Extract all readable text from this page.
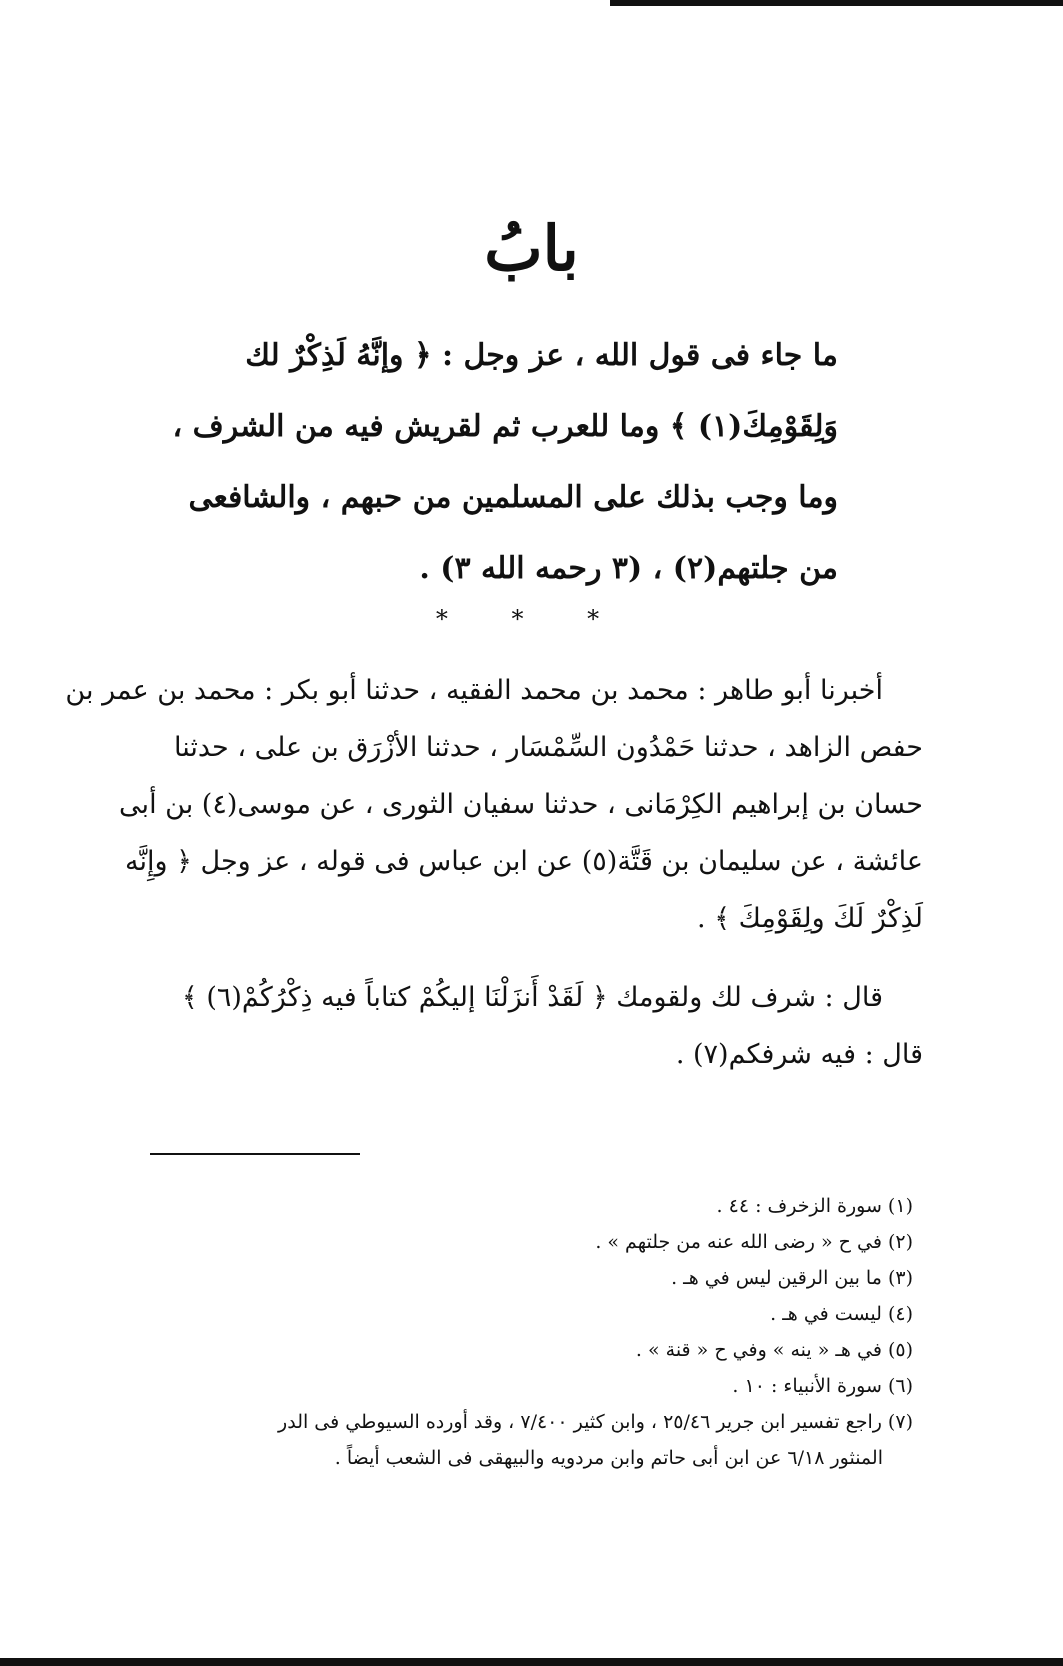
بابُ
ما جاء فى قول الله ، عز وجل : ﴿ وإنَّهُ لَذِكْرٌ لك
وَلِقَوْمِكَ(١) ﴾ وما للعرب ثم لقريش فيه من الشرف ،
وما وجب بذلك على المسلمين من حبهم ، والشافعى
من جلتهم(٢) ، (٣ رحمه الله ٣) .
* * *
أخبرنا أبو طاهر : محمد بن محمد الفقيه ، حدثنا أبو بكر : محمد بن عمر بن
حفص الزاهد ، حدثنا حَمْدُون السِّمْسَار ، حدثنا الأزْرَق بن على ، حدثنا
حسان بن إبراهيم الكِرْمَانى ، حدثنا سفيان الثورى ، عن موسى(٤) بن أبى
عائشة ، عن سليمان بن قَتَّة(٥) عن ابن عباس فى قوله ، عز وجل ﴿ وإِنَّه
لَذِكْرٌ لَكَ ولِقَوْمِكَ ﴾ .
قال : شرف لك ولقومك ﴿ لَقَدْ أَنزَلْنَا إليكُمْ كتاباً فيه ذِكْرُكُمْ(٦) ﴾
قال : فيه شرفكم(٧) .
(١) سورة الزخرف : ٤٤ .
(٢) في ح « رضى الله عنه من جلتهم » .
(٣) ما بين الرقين ليس في هـ .
(٤) ليست في هـ .
(٥) في هـ « ينه » وفي ح « قنة » .
(٦) سورة الأنبياء : ١٠ .
(٧) راجع تفسير ابن جرير ٢٥/٤٦ ، وابن كثير ٧/٤٠٠ ، وقد أورده السيوطي فى الدر
المنثور ٦/١٨ عن ابن أبى حاتم وابن مردويه والبيهقى فى الشعب أيضاً .
